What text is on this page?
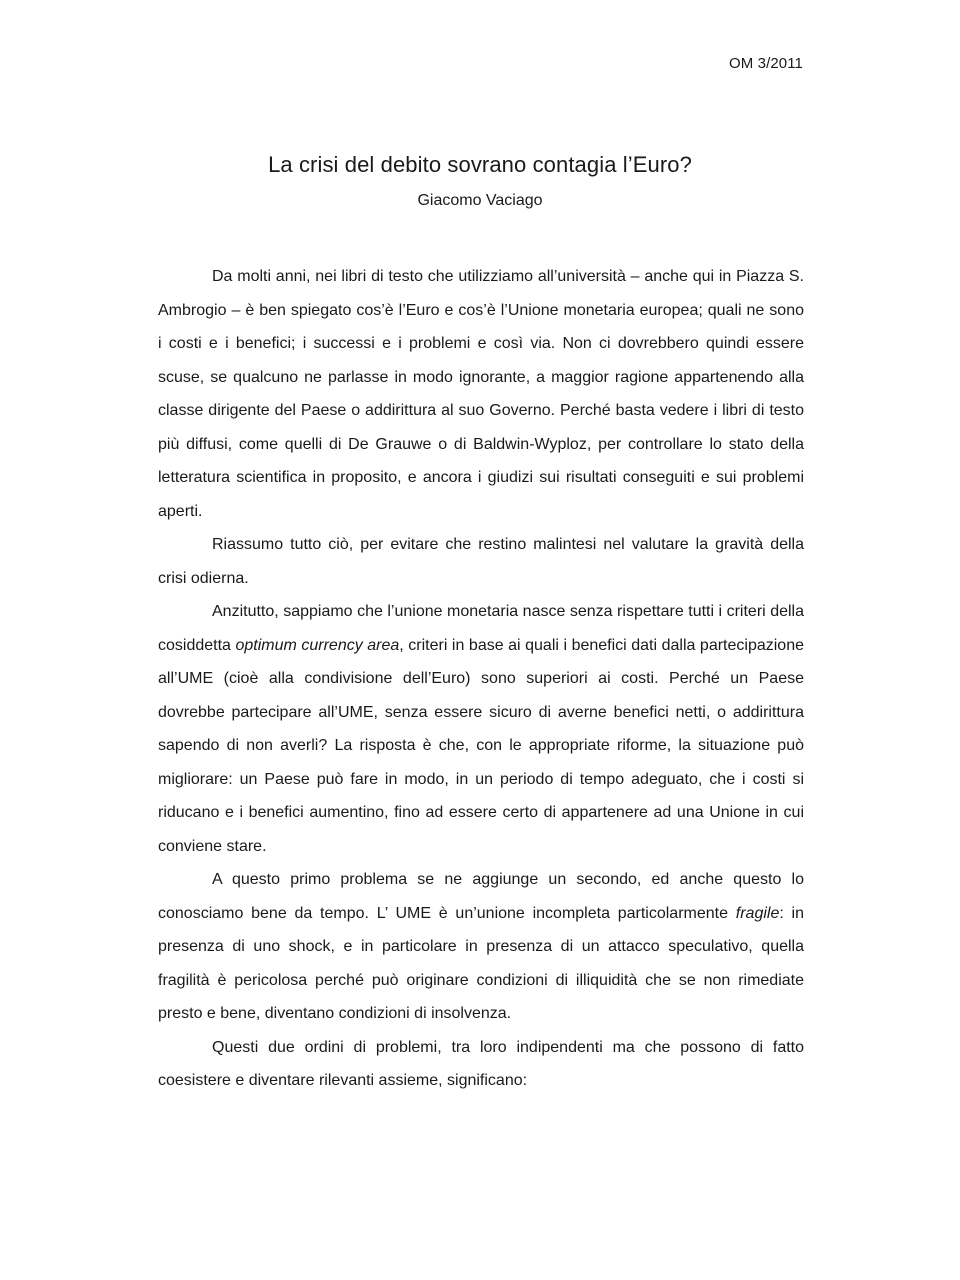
OM 3/2011
La crisi del debito sovrano contagia l’Euro?
Giacomo Vaciago

Da molti anni, nei libri di testo che utilizziamo all’università – anche qui in Piazza S. Ambrogio – è ben spiegato cos’è l’Euro e cos’è l’Unione monetaria europea; quali ne sono i costi e i benefici; i successi e i problemi e così via. Non ci dovrebbero quindi essere scuse, se qualcuno ne parlasse in modo ignorante, a maggior ragione appartenendo alla classe dirigente del Paese o addirittura al suo Governo. Perché basta vedere i libri di testo più diffusi, come quelli di De Grauwe o di Baldwin-Wyploz, per controllare lo stato della letteratura scientifica in proposito, e ancora i giudizi sui risultati conseguiti e sui problemi aperti.

Riassumo tutto ciò, per evitare che restino malintesi nel valutare la gravità della crisi odierna.

Anzitutto, sappiamo che l’unione monetaria nasce senza rispettare tutti i criteri della cosiddetta optimum currency area, criteri in base ai quali i benefici dati dalla partecipazione all’UME (cioè alla condivisione dell’Euro) sono superiori ai costi. Perché un Paese dovrebbe partecipare all’UME, senza essere sicuro di averne benefici netti, o addirittura sapendo di non averli? La risposta è che, con le appropriate riforme, la situazione può migliorare: un Paese può fare in modo, in un periodo di tempo adeguato, che i costi si riducano e i benefici aumentino, fino ad essere certo di appartenere ad una Unione in cui conviene stare.

A questo primo problema se ne aggiunge un secondo, ed anche questo lo conosciamo bene da tempo. L’ UME è un’unione incompleta particolarmente fragile: in presenza di uno shock, e in particolare in presenza di un attacco speculativo, quella fragilità è pericolosa perché può originare condizioni di illiquidità che se non rimediate presto e bene, diventano condizioni di insolvenza.

Questi due ordini di problemi, tra loro indipendenti ma che possono di fatto coesistere e diventare rilevanti assieme, significano:
